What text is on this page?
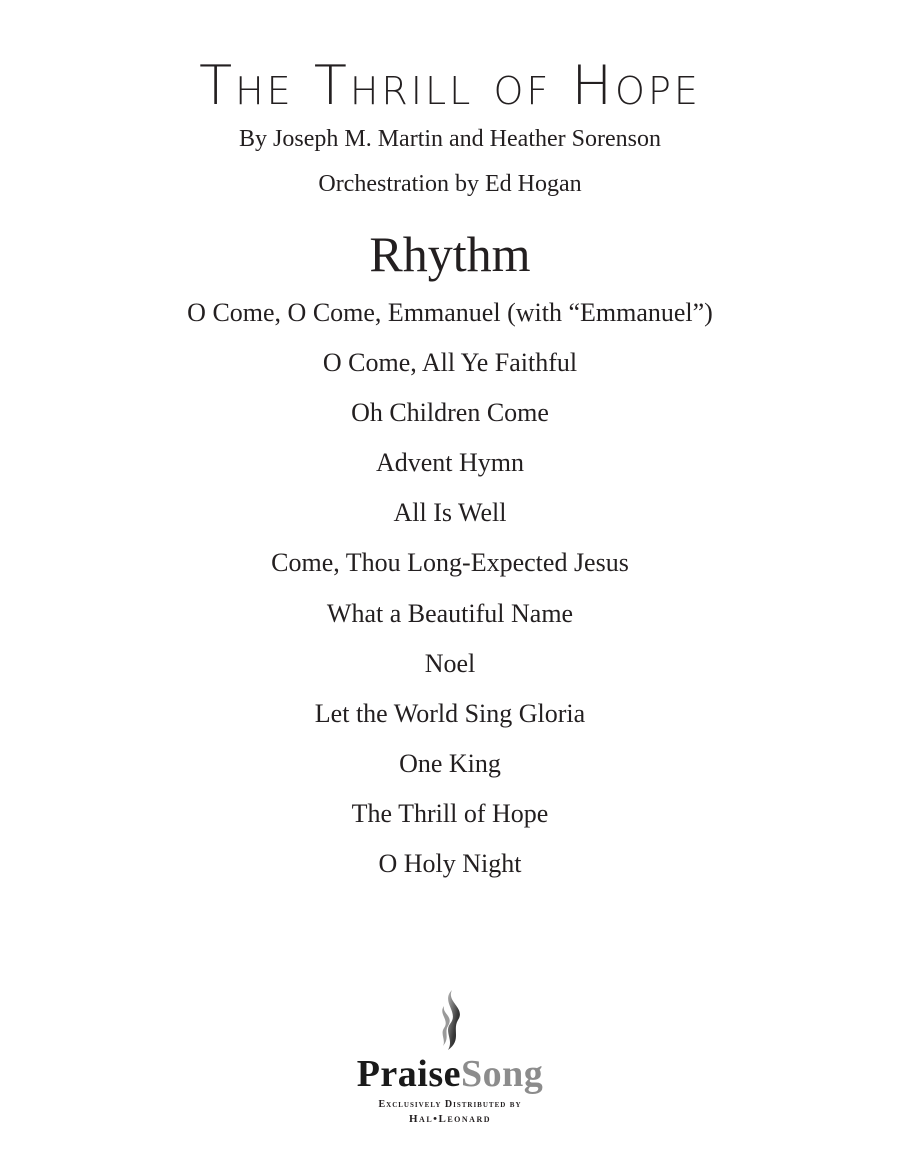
The Thrill of Hope
By Joseph M. Martin and Heather Sorenson
Orchestration by Ed Hogan
Rhythm
O Come, O Come, Emmanuel (with “Emmanuel”)
O Come, All Ye Faithful
Oh Children Come
Advent Hymn
All Is Well
Come, Thou Long-Expected Jesus
What a Beautiful Name
Noel
Let the World Sing Gloria
One King
The Thrill of Hope
O Holy Night
PraiseSong
Exclusively Distributed by
Hal•Leonard
